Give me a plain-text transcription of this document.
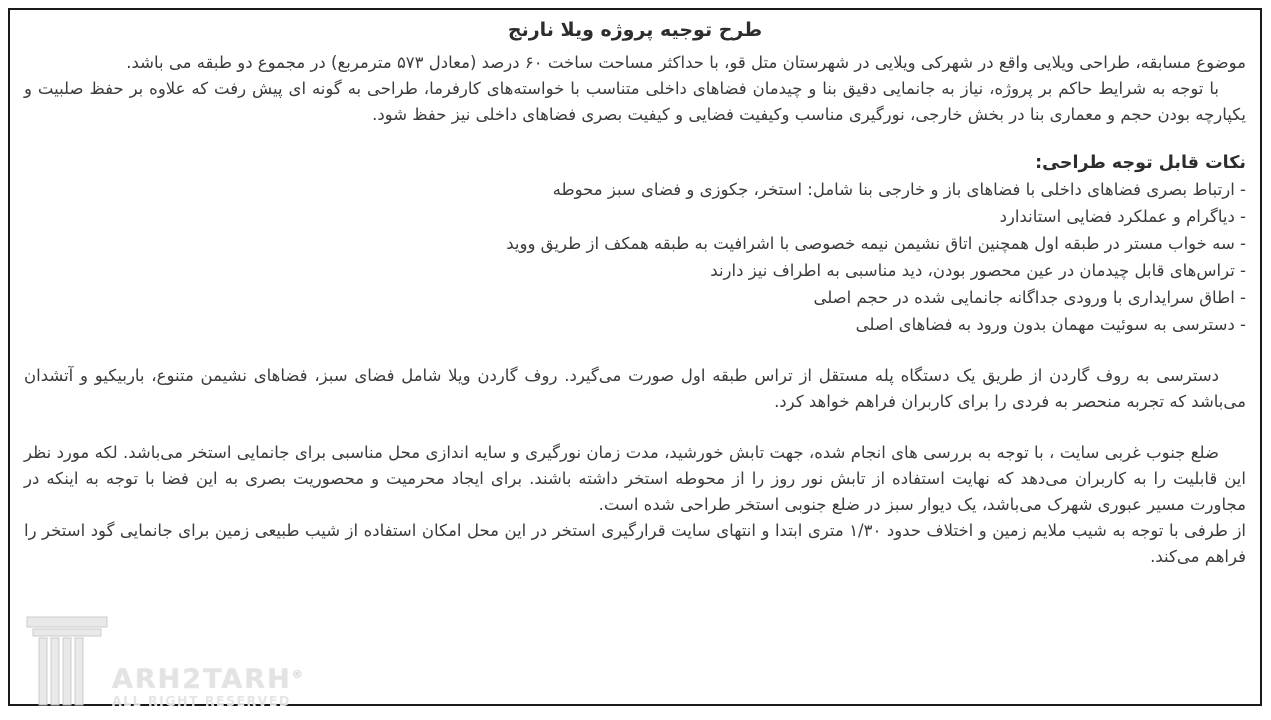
طرح توجیه پروژه ویلا نارنج

موضوع مسابقه، طراحی ویلایی واقع در شهرکی ویلایی در شهرستان متل قو، با حداکثر مساحت ساخت ۶۰ درصد (معادل ۵۷۳ مترمربع) در مجموع دو طبقه می باشد.

با توجه به شرایط حاکم بر پروژه، نیاز به جانمایی دقیق بنا و چیدمان فضاهای داخلی متناسب با خواسته‌های کارفرما، طراحی به گونه ای پیش رفت که علاوه بر حفظ صلبیت و یکپارچه بودن حجم و معماری بنا در بخش خارجی، نورگیری مناسب وکیفیت فضایی و کیفیت بصری فضاهای داخلی نیز حفظ شود.

نکات قابل توجه طراحی:
- ارتباط بصری فضاهای داخلی با فضاهای باز و خارجی بنا شامل: استخر، جکوزی و فضای سبز محوطه
- دیاگرام و عملکرد فضایی استاندارد
- سه خواب مستر در طبقه اول همچنین اتاق نشیمن نیمه خصوصی با اشرافیت به طبقه همکف از طریق ووید
- تراس‌های قابل چیدمان در عین محصور بودن، دید مناسبی به اطراف نیز دارند
- اطاق سرایداری با ورودی جداگانه جانمایی شده در حجم اصلی
- دسترسی به سوئیت مهمان بدون ورود به فضاهای اصلی

دسترسی به روف گاردن از طریق یک دستگاه پله مستقل از تراس طبقه اول صورت می‌گیرد. روف گاردن ویلا شامل فضای سبز، فضاهای نشیمن متنوع، باربیکیو و آتشدان می‌باشد که تجربه منحصر به فردی را برای کاربران فراهم خواهد کرد.

ضلع جنوب غربی سایت ، با توجه به بررسی های انجام شده، جهت تابش خورشید، مدت زمان نورگیری و سایه اندازی محل مناسبی برای جانمایی استخر می‌باشد. لکه مورد نظر این قابلیت را به کاربران می‌دهد که نهایت استفاده از تابش نور روز را از محوطه استخر داشته باشند. برای ایجاد محرمیت و محصوریت بصری به این فضا با توجه به اینکه در مجاورت مسیر عبوری شهرک می‌باشد، یک دیوار سبز در ضلع جنوبی استخر طراحی شده است.

از طرفی با توجه به شیب ملایم زمین و اختلاف حدود ۱/۳۰ متری ابتدا و انتهای سایت قرارگیری استخر در این محل امکان استفاده از شیب طبیعی زمین برای جانمایی گود استخر را فراهم می‌کند.

ARH2TARH®
ALL RIGHT RESERVED
